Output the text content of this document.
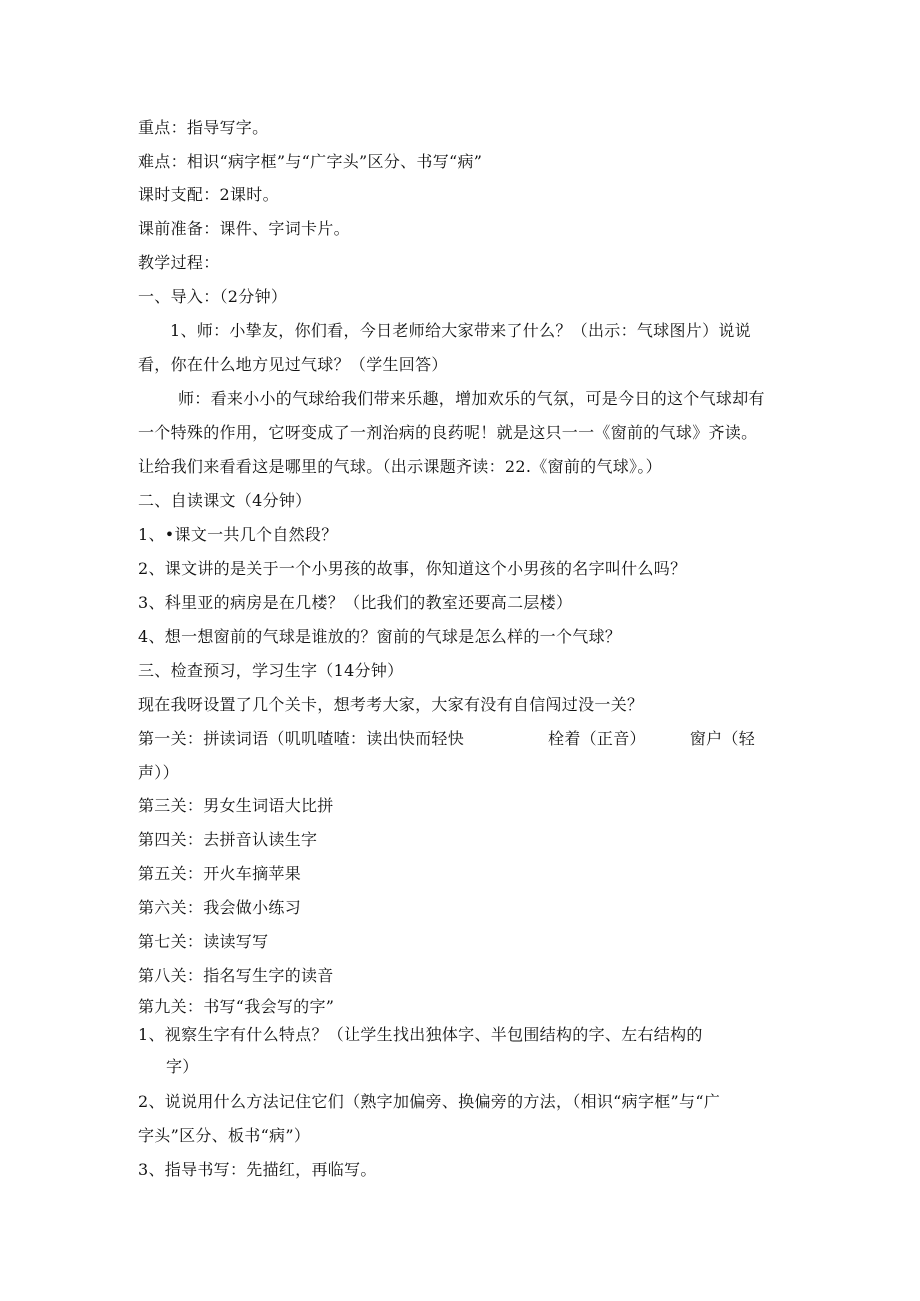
重点：指导写字。
难点：相识“病字框”与“广字头”区分、书写“病”
课时支配：2课时。
课前准备：课件、字词卡片。
教学过程：
一、导入：（2分钟）
1、师：小挚友，你们看，今日老师给大家带来了什么？（出示：气球图片）说说
看，你在什么地方见过气球？（学生回答）
师：看来小小的气球给我们带来乐趣，增加欢乐的气氛，可是今日的这个气球却有
一个特殊的作用，它呀变成了一剂治病的良药呢！就是这只一一《窗前的气球》齐读。
让给我们来看看这是哪里的气球。（出示课题齐读：22.《窗前的气球》。）
二、自读课文（4分钟）
1、•课文一共几个自然段？
2、课文讲的是关于一个小男孩的故事，你知道这个小男孩的名字叫什么吗？
3、科里亚的病房是在几楼？（比我们的教室还要高二层楼）
4、想一想窗前的气球是谁放的？窗前的气球是怎么样的一个气球？
三、检查预习，学习生字（14分钟）
现在我呀设置了几个关卡，想考考大家，大家有没有自信闯过没一关？
第一关：拼读词语（叽叽喳喳：读出快而轻快	栓着（正音）	窗户（轻
声））
第三关：男女生词语大比拼
第四关：去拼音认读生字
第五关：开火车摘苹果
第六关：我会做小练习
第七关：读读写写
第八关：指名写生字的读音
第九关：书写“我会写的字”
1、视察生字有什么特点？（让学生找出独体字、半包围结构的字、左右结构的
字）
2、说说用什么方法记住它们（熟字加偏旁、换偏旁的方法，（相识“病字框”与“广
字头”区分、板书“病”）
3、指导书写：先描红，再临写。
